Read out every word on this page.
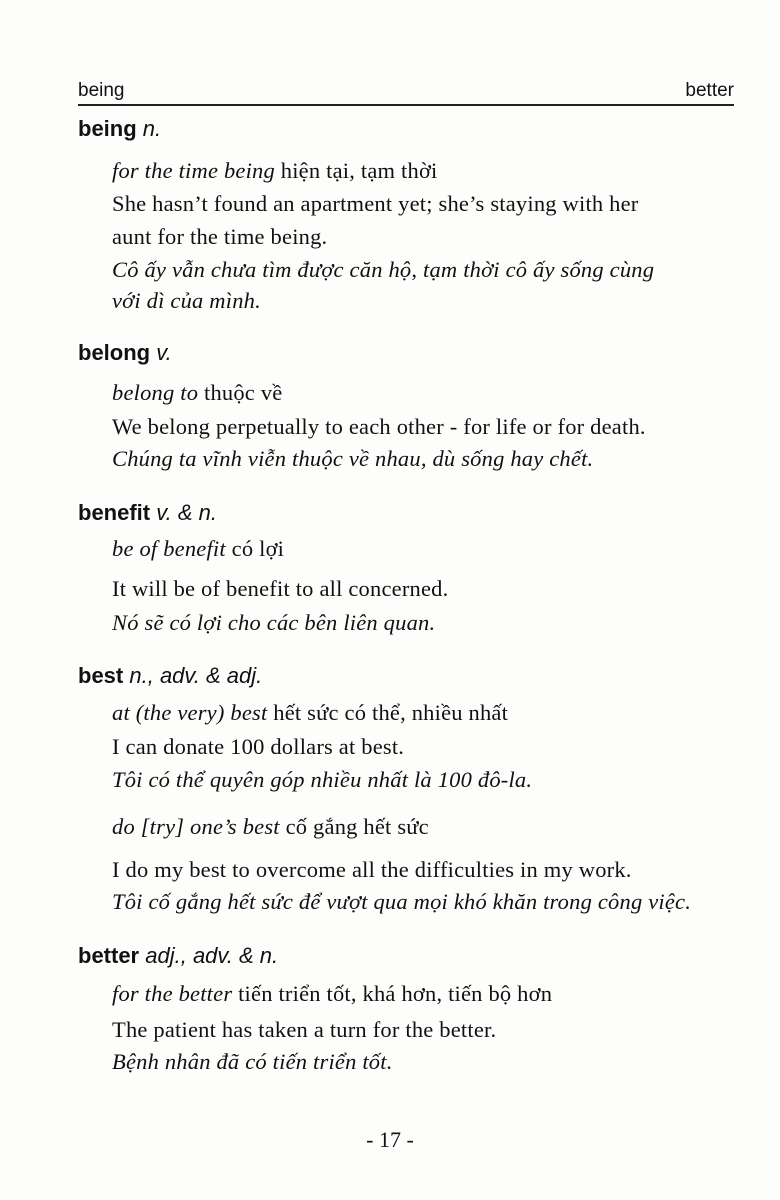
being	better
being n.
for the time being hiện tại, tạm thời
She hasn’t found an apartment yet; she’s staying with her
aunt for the time being.
Cô ấy vẫn chưa tìm được căn hộ, tạm thời cô ấy sống cùng
với dì của mình.
belong v.
belong to thuộc về
We belong perpetually to each other - for life or for death.
Chúng ta vĩnh viễn thuộc về nhau, dù sống hay chết.
benefit v. & n.
be of benefit có lợi
It will be of benefit to all concerned.
Nó sẽ có lợi cho các bên liên quan.
best n., adv. & adj.
at (the very) best hết sức có thể, nhiều nhất
I can donate 100 dollars at best.
Tôi có thể quyên góp nhiều nhất là 100 đô-la.
do [try] one’s best cố gắng hết sức
I do my best to overcome all the difficulties in my work.
Tôi cố gắng hết sức để vượt qua mọi khó khăn trong công việc.
better adj., adv. & n.
for the better tiến triển tốt, khá hơn, tiến bộ hơn
The patient has taken a turn for the better.
Bệnh nhân đã có tiến triển tốt.
- 17 -
